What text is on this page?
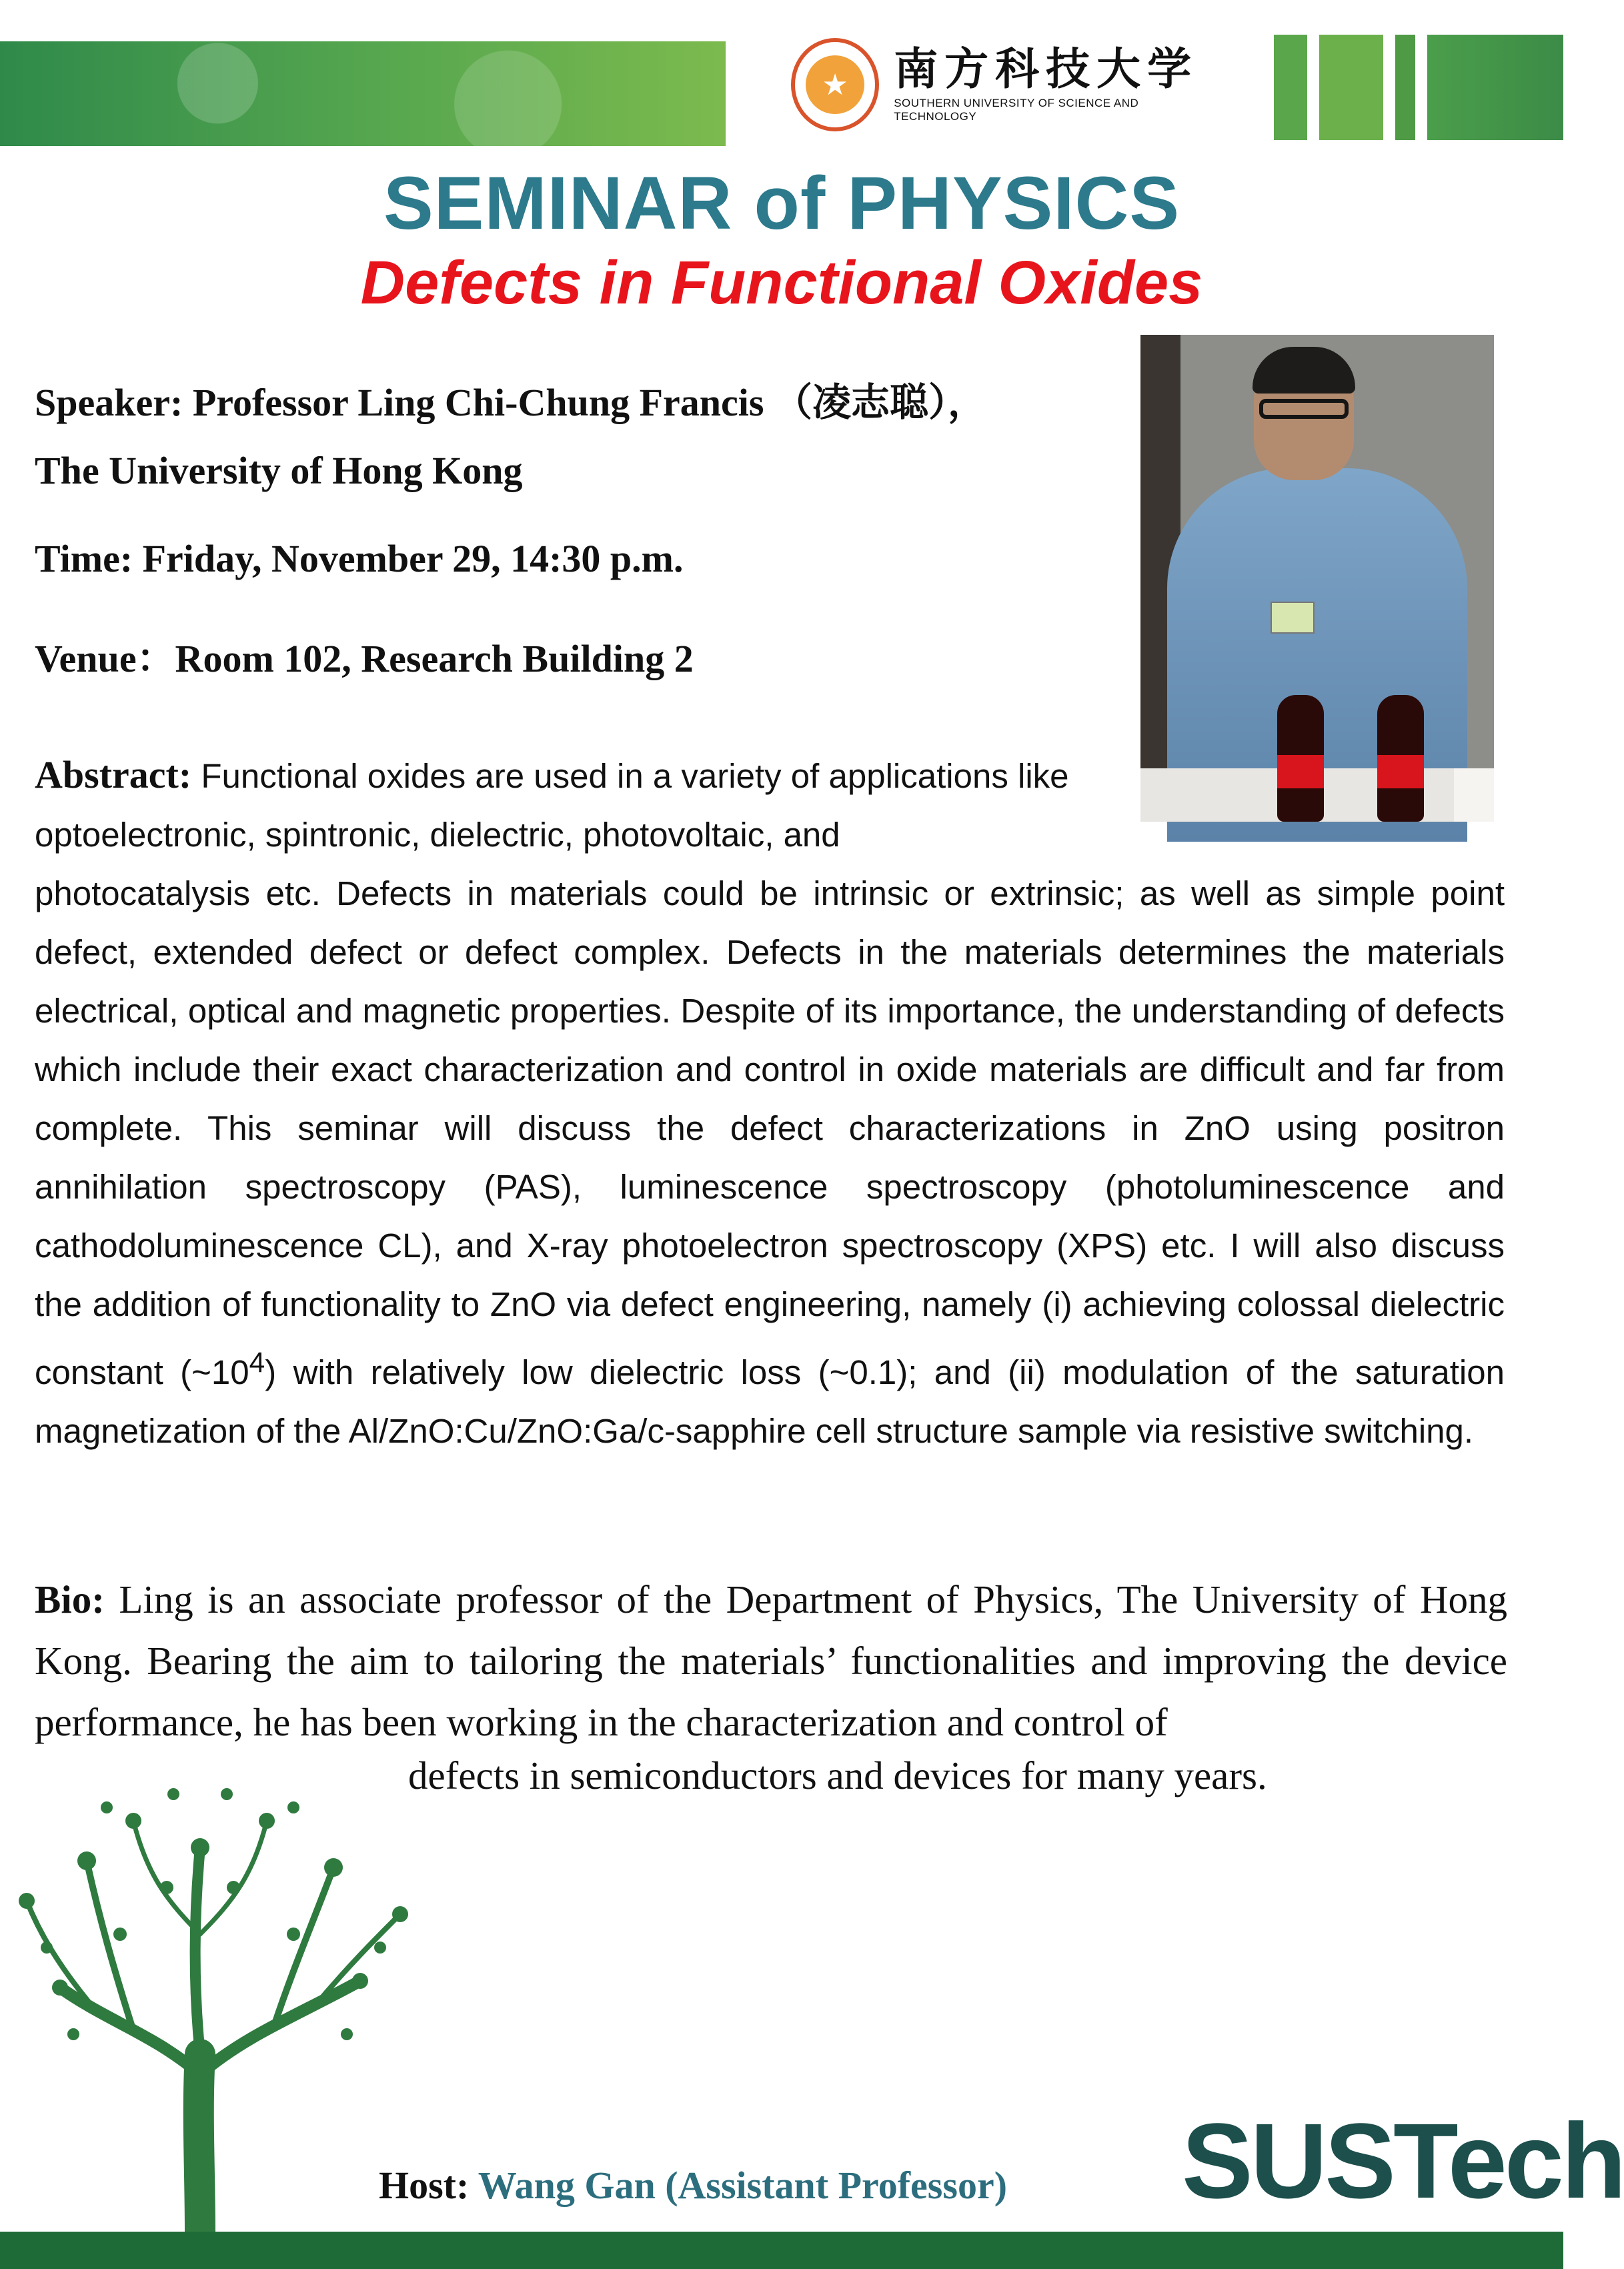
★	南方科技大学
SOUTHERN UNIVERSITY OF SCIENCE AND TECHNOLOGY
SEMINAR of PHYSICS
Defects in Functional Oxides
Speaker: Professor Ling Chi-Chung Francis （凌志聪），
The University of Hong Kong
Time: Friday, November 29, 14:30 p.m.
Venue：Room 102, Research Building 2
Abstract: Functional oxides are used in a variety of applications like optoelectronic, spintronic, dielectric, photovoltaic, and
photocatalysis etc. Defects in materials could be intrinsic or extrinsic; as well as simple point defect, extended defect or defect complex. Defects in the materials determines the materials electrical, optical and magnetic properties. Despite of its importance, the understanding of defects which include their exact characterization and control in oxide materials are difficult and far from complete. This seminar will discuss the defect characterizations in ZnO using positron annihilation spectroscopy (PAS), luminescence spectroscopy (photoluminescence and cathodoluminescence CL), and X-ray photoelectron spectroscopy (XPS) etc. I will also discuss the addition of functionality to ZnO via defect engineering, namely (i) achieving colossal dielectric constant $(\sim 10^4)$ with relatively low dielectric loss (~0.1); and (ii) modulation of the saturation magnetization of the Al/ZnO:Cu/ZnO:Ga/c-sapphire cell structure sample via resistive switching.
Bio: Ling is an associate professor of the Department of Physics, The University of Hong Kong. Bearing the aim to tailoring the materials’ functionalities and improving the device performance, he has been working in the characterization and control of
defects in semiconductors and devices for many years.
Host: Wang Gan (Assistant Professor) SUSTech
